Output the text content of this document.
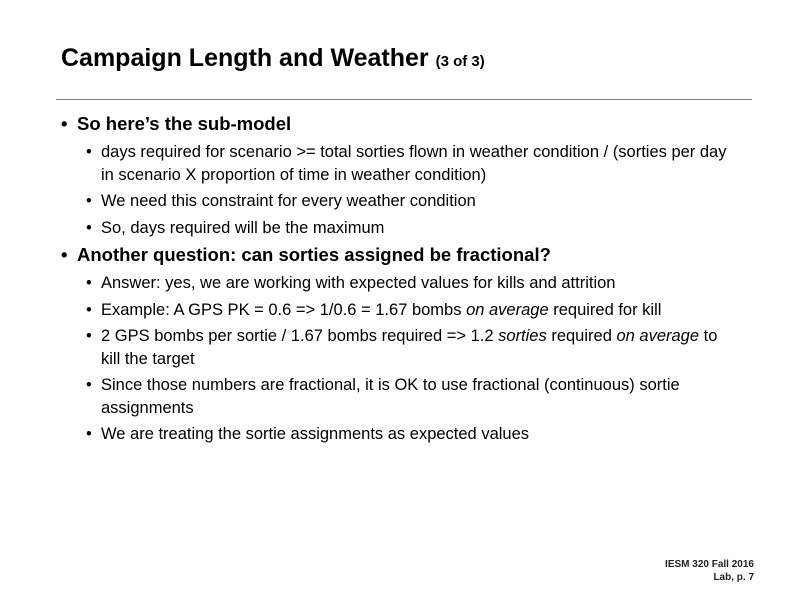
Campaign Length and Weather (3 of 3)
• So here’s the sub-model
• days required for scenario >= total sorties flown in weather condition / (sorties per day in scenario X proportion of time in weather condition)
• We need this constraint for every weather condition
• So, days required will be the maximum
• Another question: can sorties assigned be fractional?
• Answer: yes, we are working with expected values for kills and attrition
• Example: A GPS PK = 0.6 => 1/0.6 = 1.67 bombs on average required for kill
• 2 GPS bombs per sortie / 1.67 bombs required => 1.2 sorties required on average to kill the target
• Since those numbers are fractional, it is OK to use fractional (continuous) sortie assignments
• We are treating the sortie assignments as expected values
IESM 320 Fall 2016
Lab, p. 7
